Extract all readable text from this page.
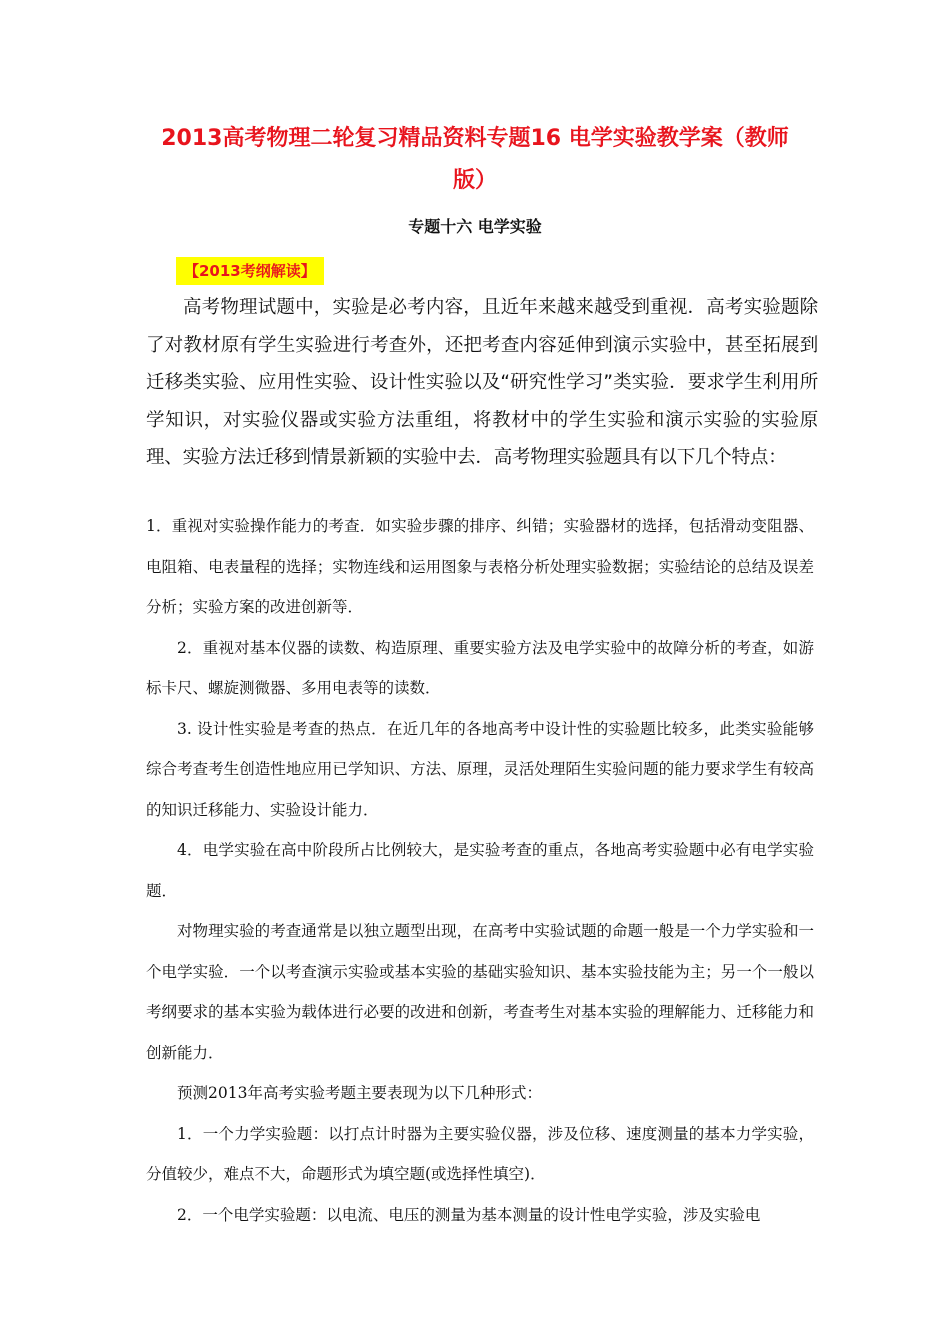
2013高考物理二轮复习精品资料专题16 电学实验教学案（教师版）
专题十六 电学实验
【2013考纲解读】

高考物理试题中，实验是必考内容，且近年来越来越受到重视．高考实验题除了对教材原有学生实验进行考查外，还把考查内容延伸到演示实验中，甚至拓展到迁移类实验、应用性实验、设计性实验以及“研究性学习”类实验．要求学生利用所学知识，对实验仪器或实验方法重组，将教材中的学生实验和演示实验的实验原理、实验方法迁移到情景新颖的实验中去．高考物理实验题具有以下几个特点：

1．重视对实验操作能力的考查．如实验步骤的排序、纠错；实验器材的选择，包括滑动变阻器、电阻箱、电表量程的选择；实物连线和运用图象与表格分析处理实验数据；实验结论的总结及误差分析；实验方案的改进创新等．

2．重视对基本仪器的读数、构造原理、重要实验方法及电学实验中的故障分析的考查，如游标卡尺、螺旋测微器、多用电表等的读数．

3. 设计性实验是考查的热点．在近几年的各地高考中设计性的实验题比较多，此类实验能够综合考查考生创造性地应用已学知识、方法、原理，灵活处理陌生实验问题的能力要求学生有较高的知识迁移能力、实验设计能力．

4．电学实验在高中阶段所占比例较大，是实验考查的重点，各地高考实验题中必有电学实验题．

对物理实验的考查通常是以独立题型出现，在高考中实验试题的命题一般是一个力学实验和一个电学实验．一个以考查演示实验或基本实验的基础实验知识、基本实验技能为主；另一个一般以考纲要求的基本实验为载体进行必要的改进和创新，考查考生对基本实验的理解能力、迁移能力和创新能力．

预测2013年高考实验考题主要表现为以下几种形式：

1．一个力学实验题：以打点计时器为主要实验仪器，涉及位移、速度测量的基本力学实验，分值较少，难点不大，命题形式为填空题(或选择性填空)．

2．一个电学实验题：以电流、电压的测量为基本测量的设计性电学实验，涉及实验电
